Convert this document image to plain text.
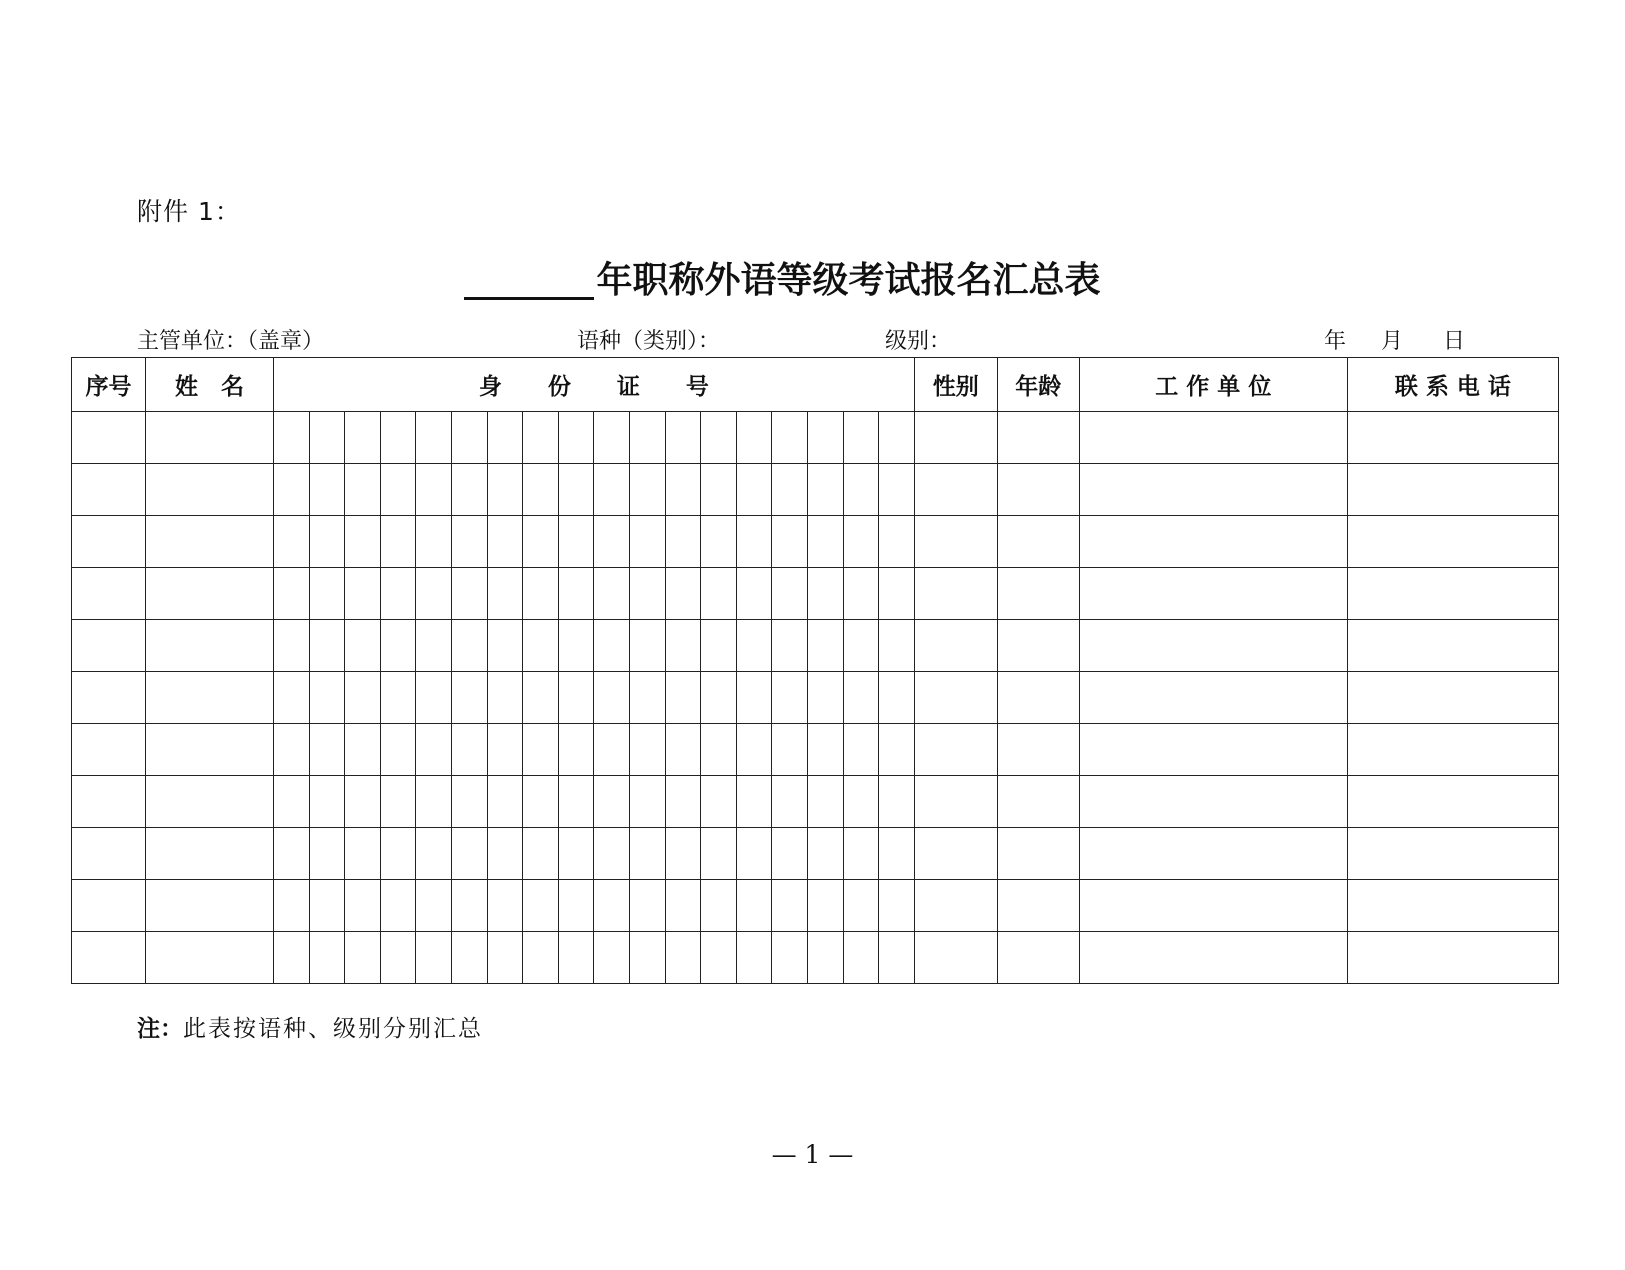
附件 1：
年职称外语等级考试报名汇总表
主管单位：（盖章）	语种（类别）：	级别：	年 月 日
序号	姓　名	身　　份　　证　　号																		性别	年龄	工 作 单 位	联 系 电 话

注：此表按语种、级别分别汇总
— 1 —
